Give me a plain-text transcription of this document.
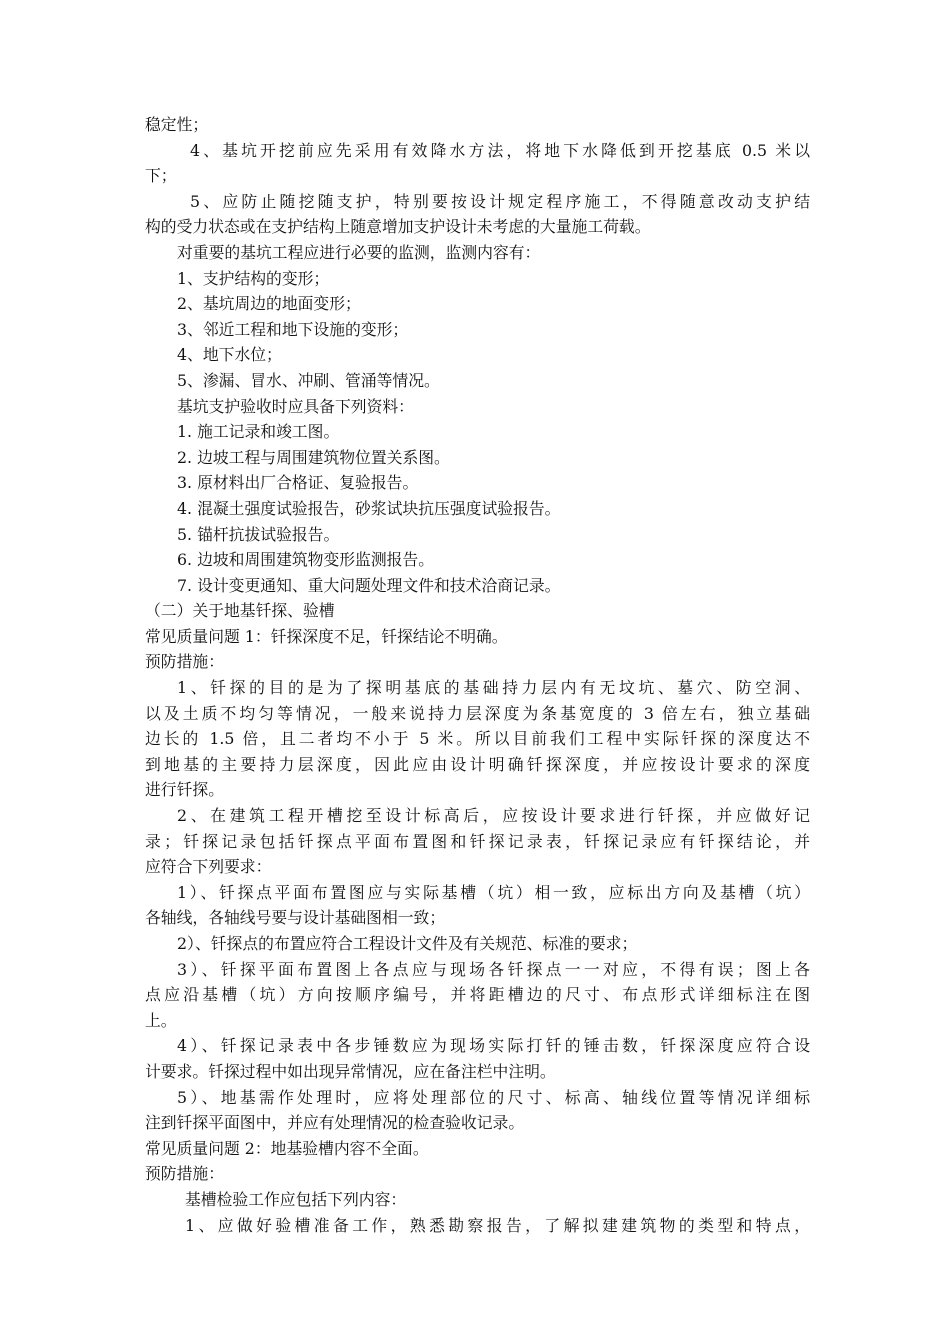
稳定性；
4、基坑开挖前应先采用有效降水方法，将地下水降低到开挖基底 0.5 米以
下；
5、应防止随挖随支护，特别要按设计规定程序施工，不得随意改动支护结
构的受力状态或在支护结构上随意增加支护设计未考虑的大量施工荷载。
对重要的基坑工程应进行必要的监测，监测内容有：
1、支护结构的变形；
2、基坑周边的地面变形；
3、邻近工程和地下设施的变形；
4、地下水位；
5、渗漏、冒水、冲刷、管涌等情况。
基坑支护验收时应具备下列资料：
1. 施工记录和竣工图。
2. 边坡工程与周围建筑物位置关系图。
3. 原材料出厂合格证、复验报告。
4. 混凝土强度试验报告，砂浆试块抗压强度试验报告。
5. 锚杆抗拔试验报告。
6. 边坡和周围建筑物变形监测报告。
7. 设计变更通知、重大问题处理文件和技术洽商记录。
（二）关于地基钎探、验槽
常见质量问题 1：钎探深度不足，钎探结论不明确。
预防措施：
1、钎探的目的是为了探明基底的基础持力层内有无坟坑、墓穴、防空洞、
以及土质不均匀等情况，一般来说持力层深度为条基宽度的 3 倍左右，独立基础
边长的 1.5 倍，且二者均不小于 5 米。所以目前我们工程中实际钎探的深度达不
到地基的主要持力层深度，因此应由设计明确钎探深度，并应按设计要求的深度
进行钎探。
2、在建筑工程开槽挖至设计标高后，应按设计要求进行钎探，并应做好记
录；钎探记录包括钎探点平面布置图和钎探记录表，钎探记录应有钎探结论，并
应符合下列要求：
1）、钎探点平面布置图应与实际基槽（坑）相一致，应标出方向及基槽（坑）
各轴线，各轴线号要与设计基础图相一致；
2）、钎探点的布置应符合工程设计文件及有关规范、标准的要求；
3）、钎探平面布置图上各点应与现场各钎探点一一对应，不得有误；图上各
点应沿基槽（坑）方向按顺序编号，并将距槽边的尺寸、布点形式详细标注在图
上。
4）、钎探记录表中各步锤数应为现场实际打钎的锤击数，钎探深度应符合设
计要求。钎探过程中如出现异常情况，应在备注栏中注明。
5）、地基需作处理时，应将处理部位的尺寸、标高、轴线位置等情况详细标
注到钎探平面图中，并应有处理情况的检查验收记录。
常见质量问题 2：地基验槽内容不全面。
预防措施：
基槽检验工作应包括下列内容：
1、应做好验槽准备工作，熟悉勘察报告，了解拟建建筑物的类型和特点，
